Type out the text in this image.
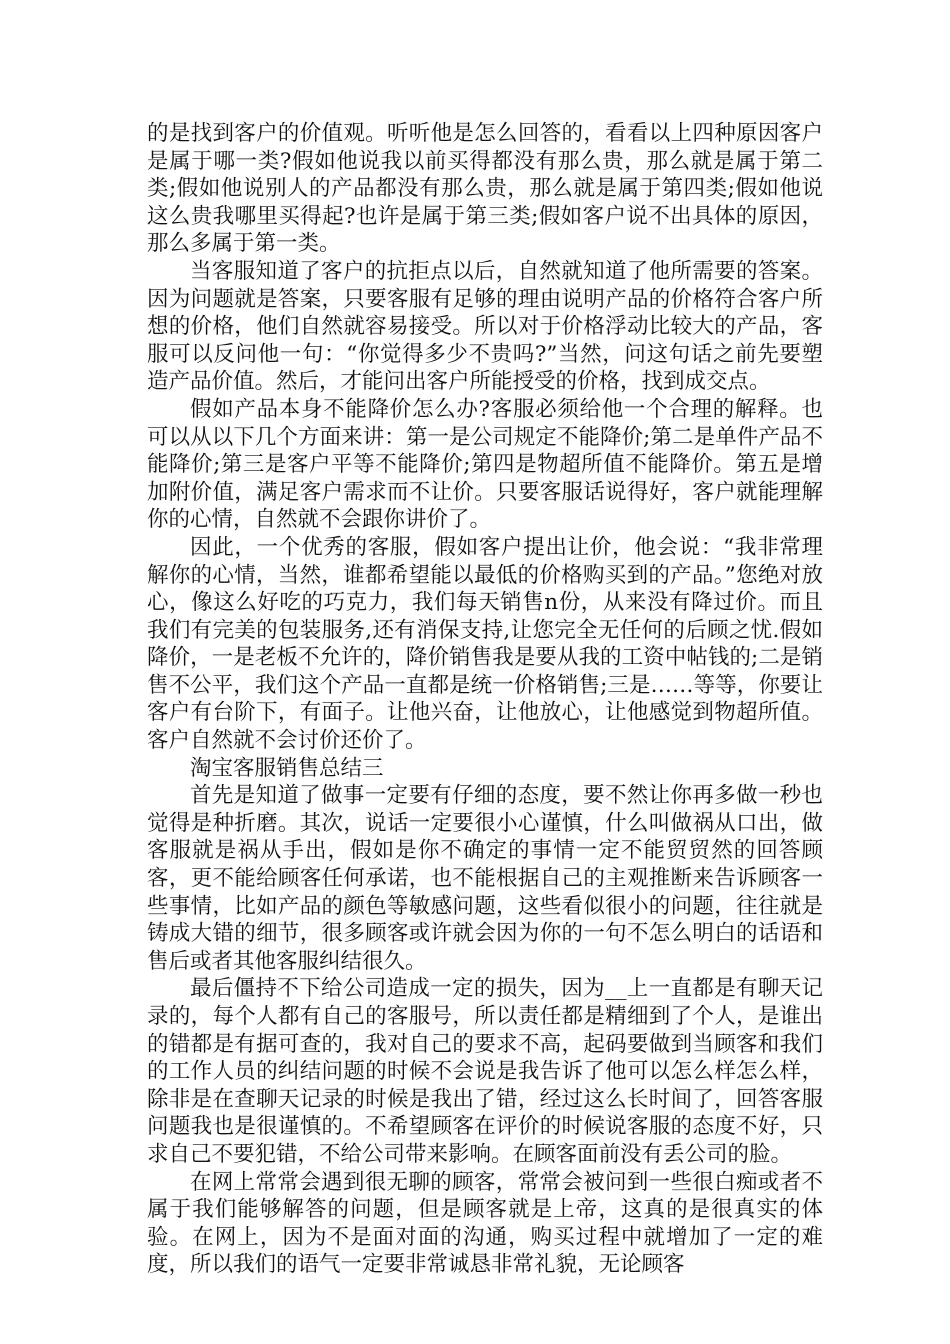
的是找到客户的价值观。听听他是怎么回答的，看看以上四种原因客户是属于哪一类?假如他说我以前买得都没有那么贵，那么就是属于第二类;假如他说别人的产品都没有那么贵，那么就是属于第四类;假如他说这么贵我哪里买得起?也许是属于第三类;假如客户说不出具体的原因，那么多属于第一类。

当客服知道了客户的抗拒点以后，自然就知道了他所需要的答案。因为问题就是答案，只要客服有足够的理由说明产品的价格符合客户所想的价格，他们自然就容易接受。所以对于价格浮动比较大的产品，客服可以反问他一句：“你觉得多少不贵吗?”当然，问这句话之前先要塑造产品价值。然后，才能问出客户所能授受的价格，找到成交点。

假如产品本身不能降价怎么办?客服必须给他一个合理的解释。也可以从以下几个方面来讲：第一是公司规定不能降价;第二是单件产品不能降价;第三是客户平等不能降价;第四是物超所值不能降价。第五是增加附价值，满足客户需求而不让价。只要客服话说得好，客户就能理解你的心情，自然就不会跟你讲价了。

因此，一个优秀的客服，假如客户提出让价，他会说：“我非常理解你的心情，当然，谁都希望能以最低的价格购买到的产品。”您绝对放心，像这么好吃的巧克力，我们每天销售n份，从来没有降过价。而且我们有完美的包装服务,还有消保支持,让您完全无任何的后顾之忧.假如降价，一是老板不允许的，降价销售我是要从我的工资中帖钱的;二是销售不公平，我们这个产品一直都是统一价格销售;三是……等等，你要让客户有台阶下，有面子。让他兴奋，让他放心，让他感觉到物超所值。客户自然就不会讨价还价了。

淘宝客服销售总结三

首先是知道了做事一定要有仔细的态度，要不然让你再多做一秒也觉得是种折磨。其次，说话一定要很小心谨慎，什么叫做祸从口出，做客服就是祸从手出，假如是你不确定的事情一定不能贸贸然的回答顾客，更不能给顾客任何承诺，也不能根据自己的主观推断来告诉顾客一些事情，比如产品的颜色等敏感问题，这些看似很小的问题，往往就是铸成大错的细节，很多顾客或许就会因为你的一句不怎么明白的话语和售后或者其他客服纠结很久。

最后僵持不下给公司造成一定的损失，因为__上一直都是有聊天记录的，每个人都有自己的客服号，所以责任都是精细到了个人，是谁出的错都是有据可查的，我对自己的要求不高，起码要做到当顾客和我们的工作人员的纠结问题的时候不会说是我告诉了他可以怎么样怎么样，除非是在查聊天记录的时候是我出了错，经过这么长时间了，回答客服问题我也是很谨慎的。不希望顾客在评价的时候说客服的态度不好，只求自己不要犯错，不给公司带来影响。在顾客面前没有丢公司的脸。

在网上常常会遇到很无聊的顾客，常常会被问到一些很白痴或者不属于我们能够解答的问题，但是顾客就是上帝，这真的是很真实的体验。在网上，因为不是面对面的沟通，购买过程中就增加了一定的难度，所以我们的语气一定要非常诚恳非常礼貌，无论顾客
